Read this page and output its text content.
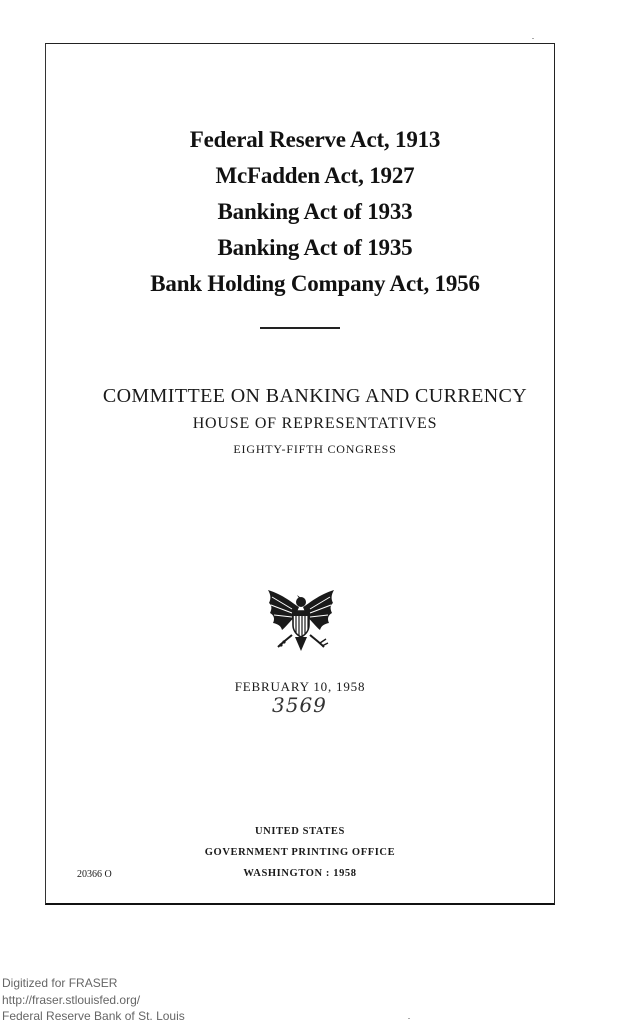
Federal Reserve Act, 1913
McFadden Act, 1927
Banking Act of 1933
Banking Act of 1935
Bank Holding Company Act, 1956
COMMITTEE ON BANKING AND CURRENCY
HOUSE OF REPRESENTATIVES
EIGHTY-FIFTH CONGRESS
FEBRUARY 10, 1958
3569
UNITED STATES
GOVERNMENT PRINTING OFFICE
WASHINGTON : 1958
20366 O
Digitized for FRASER
http://fraser.stlouisfed.org/
Federal Reserve Bank of St. Louis
